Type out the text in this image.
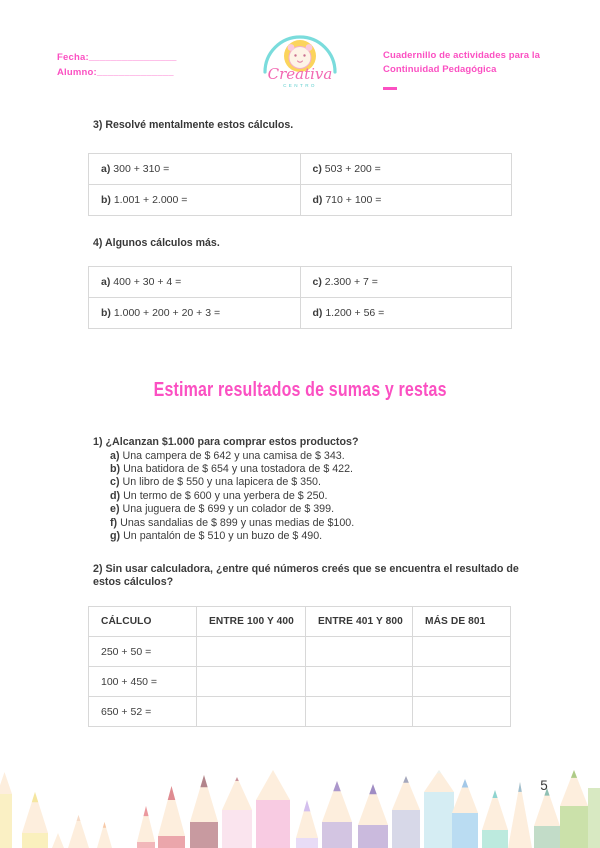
Fecha:________________
Alumno:______________	Creativa
CENTRO
Cuadernillo de actividades para la
Continuidad Pedagógica
3) Resolvé mentalmente estos cálculos.
a) 300 + 310 =	c) 503 + 200 =
b) 1.001 + 2.000 =	d) 710 + 100 =
4) Algunos cálculos más.
a) 400 + 30 + 4 =	c) 2.300 + 7 =
b) 1.000 + 200 + 20 + 3 =	d) 1.200 + 56 =
Estimar resultados de sumas y restas
1) ¿Alcanzan $1.000 para comprar estos productos?
a) Una campera de $ 642 y una camisa de $ 343.
b) Una batidora de $ 654 y una tostadora de $ 422.
c) Un libro de $ 550 y una lapicera de $ 350.
d) Un termo de $ 600 y una yerbera de $ 250.
e) Una juguera de $ 699 y un colador de $ 399.
f) Unas sandalias de $ 899 y unas medias de $100.
g) Un pantalón de $ 510 y un buzo de $ 490.
2) Sin usar calculadora, ¿entre qué números creés que se encuentra el resultado de estos cálculos?
CÁLCULO	ENTRE 100 Y 400	ENTRE 401 Y 800	MÁS DE 801
250 + 50 =			
100 + 450 =			
650 + 52 =			
5
